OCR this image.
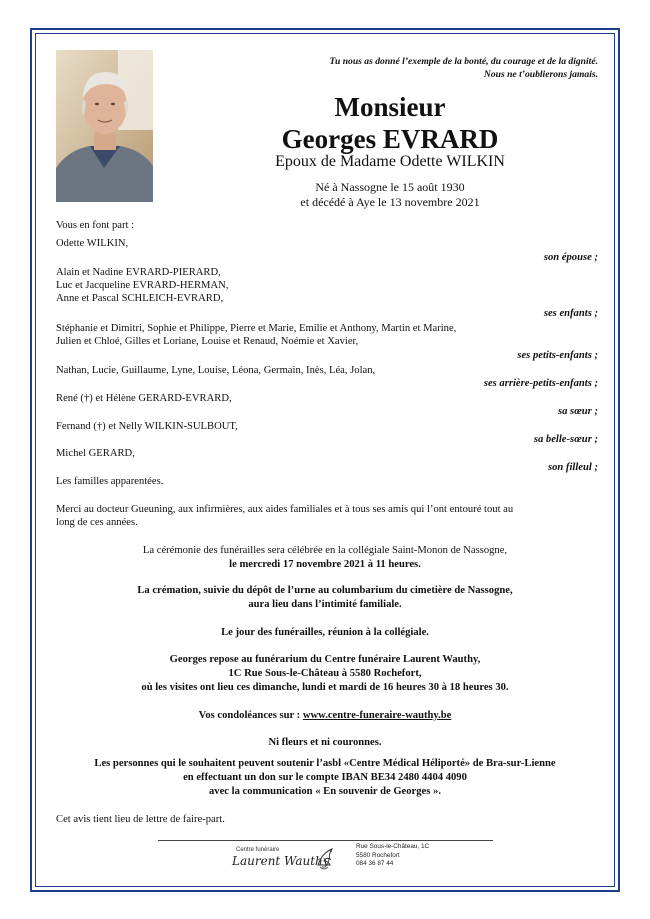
Tu nous as donné l’exemple de la bonté, du courage et de la dignité.
Nous ne t’oublierons jamais.
Monsieur
Georges EVRARD
Epoux de Madame Odette WILKIN
Né à Nassogne le 15 août 1930
et décédé à Aye le 13 novembre 2021
Vous en font part :
Odette WILKIN,
son épouse ;
Alain et Nadine EVRARD-PIERARD,
Luc et Jacqueline EVRARD-HERMAN,
Anne et Pascal SCHLEICH-EVRARD,
ses enfants ;
Stéphanie et Dimitri, Sophie et Philippe, Pierre et Marie, Emilie et Anthony, Martin et Marine,
Julien et Chloé, Gilles et Loriane, Louise et Renaud, Noémie et Xavier,
ses petits-enfants ;
Nathan, Lucie, Guillaume, Lyne, Louise, Léona, Germain, Inès, Léa, Jolan,
ses arrière-petits-enfants ;
René (†) et Hélène GERARD-EVRARD,
sa sœur ;
Fernand (†) et Nelly WILKIN-SULBOUT,
sa belle-sœur ;
Michel GERARD,
son filleul ;
Les familles apparentées.
Merci au docteur Gueuning, aux infirmières, aux aides familiales et à tous ses amis qui l’ont entouré tout au
long de ces années.
La cérémonie des funérailles sera célébrée en la collégiale Saint-Monon de Nassogne,
le mercredi 17 novembre 2021 à 11 heures.
La crémation, suivie du dépôt de l’urne au columbarium du cimetière de Nassogne,
aura lieu dans l’intimité familiale.
Le jour des funérailles, réunion à la collégiale.
Georges repose au funérarium du Centre funéraire Laurent Wauthy,
1C Rue Sous-le-Château à 5580 Rochefort,
où les visites ont lieu ces dimanche, lundi et mardi de 16 heures 30 à 18 heures 30.
Vos condoléances sur : www.centre-funeraire-wauthy.be
Ni fleurs et ni couronnes.
Les personnes qui le souhaitent peuvent soutenir l’asbl «Centre Médical Héliporté» de Bra-sur-Lienne
en effectuant un don sur le compte IBAN BE34 2480 4404 4090
avec la communication « En souvenir de Georges ».
Cet avis tient lieu de lettre de faire-part.
Centre funéraire
Laurent Wauthy
Rue Sous-le-Château, 1C
5580 Rochefort
084 36 87 44
